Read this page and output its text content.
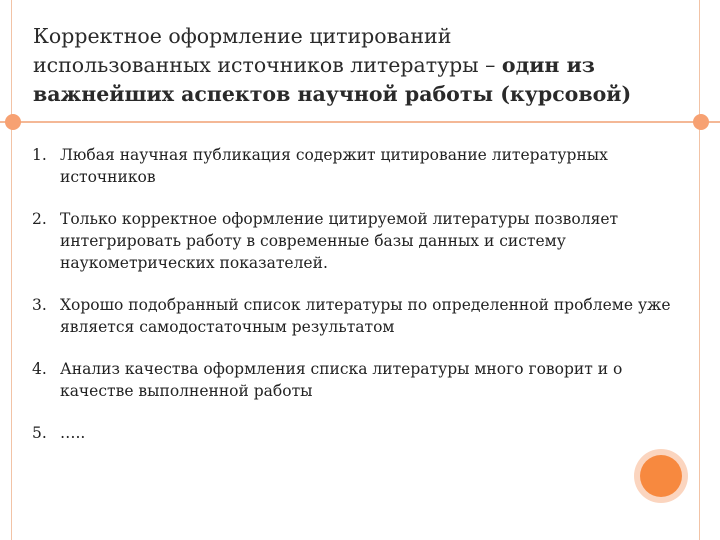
Корректное оформление цитирований
использованных источников литературы – один из
важнейших аспектов научной работы (курсовой)
1. Любая научная публикация содержит цитирование литературных источников
2. Только корректное оформление цитируемой литературы позволяет интегрировать работу в современные базы данных и систему наукометрических показателей.
3. Хорошо подобранный список литературы по определенной проблеме уже является самодостаточным результатом
4. Анализ качества оформления списка литературы много говорит и о качестве выполненной работы
5. …..
